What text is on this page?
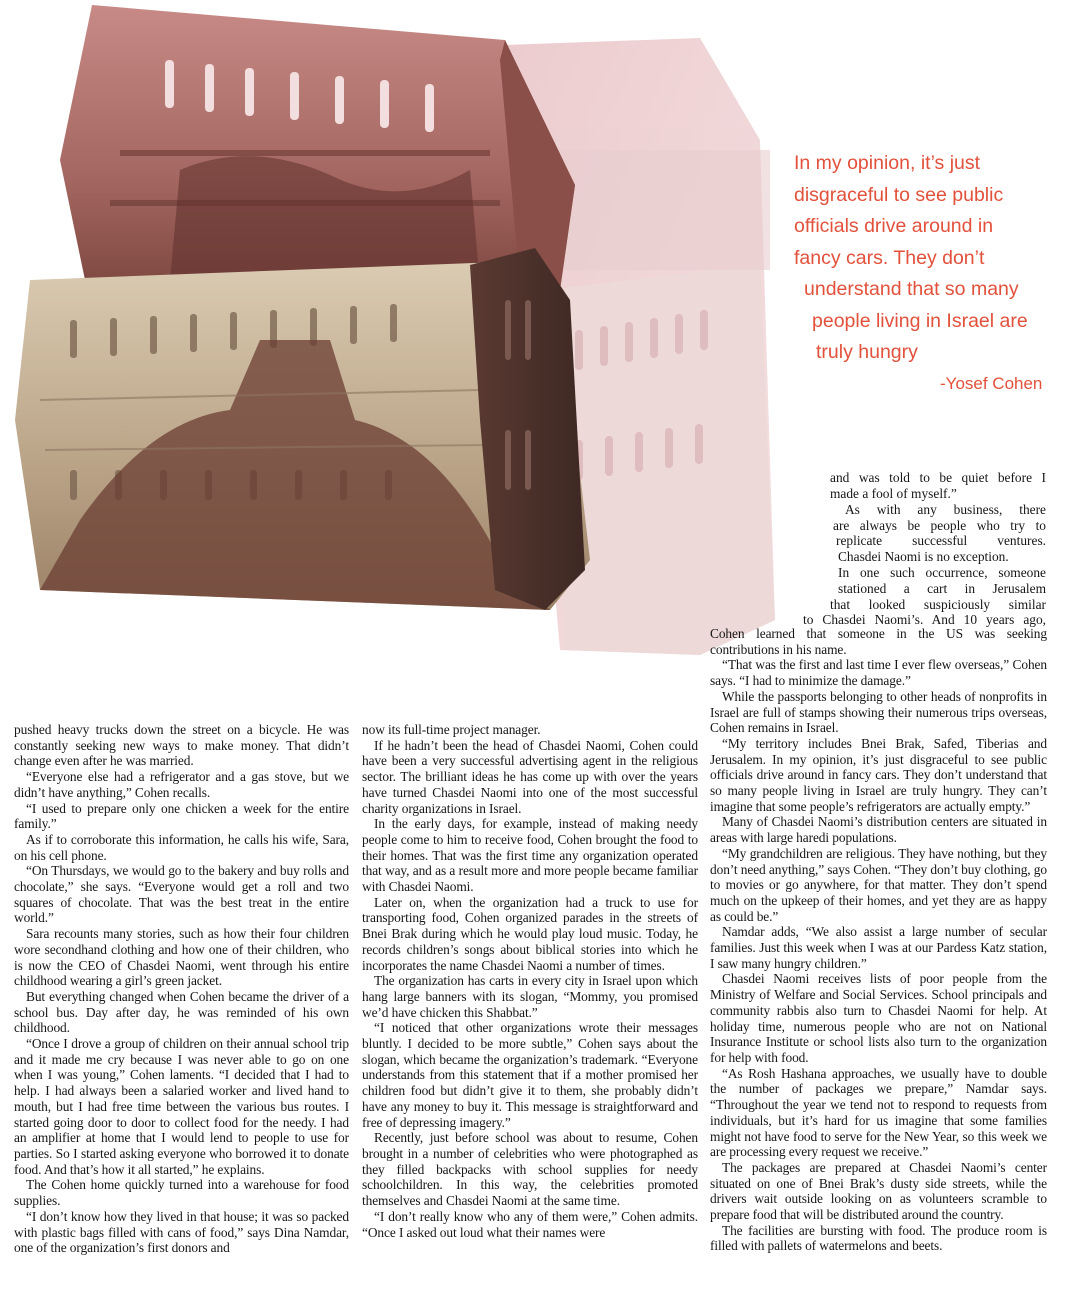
In my opinion, it’s just
disgraceful to see public
officials drive around in
fancy cars. They don’t
understand that so many
people living in Israel are
truly hungry
-Yosef Cohen
and was told to be quiet before I
made a fool of myself.”
As with any business, there
are always be people who try to
replicate successful ventures.
Chasdei Naomi is no exception.
In one such occurrence, someone
stationed a cart in Jerusalem
that looked suspiciously similar
to Chasdei Naomi’s. And 10 years ago,

pushed heavy trucks down the street on a bicycle. He was constantly seeking new ways to make money. That didn’t change even after he was married.

“Everyone else had a refrigerator and a gas stove, but we didn’t have anything,” Cohen recalls.

“I used to prepare only one chicken a week for the entire family.”

As if to corroborate this information, he calls his wife, Sara, on his cell phone.

“On Thursdays, we would go to the bakery and buy rolls and chocolate,” she says. “Everyone would get a roll and two squares of chocolate. That was the best treat in the entire world.”

Sara recounts many stories, such as how their four children wore secondhand clothing and how one of their children, who is now the CEO of Chasdei Naomi, went through his entire childhood wearing a girl’s green jacket.

But everything changed when Cohen became the driver of a school bus. Day after day, he was reminded of his own childhood.

“Once I drove a group of children on their annual school trip and it made me cry because I was never able to go on one when I was young,” Cohen laments. “I decided that I had to help. I had always been a salaried worker and lived hand to mouth, but I had free time between the various bus routes. I started going door to door to collect food for the needy. I had an amplifier at home that I would lend to people to use for parties. So I started asking everyone who borrowed it to donate food. And that’s how it all started,” he explains.

The Cohen home quickly turned into a warehouse for food supplies.

“I don’t know how they lived in that house; it was so packed with plastic bags filled with cans of food,” says Dina Namdar, one of the organization’s first donors and

now its full-time project manager.

If he hadn’t been the head of Chasdei Naomi, Cohen could have been a very successful advertising agent in the religious sector. The brilliant ideas he has come up with over the years have turned Chasdei Naomi into one of the most successful charity organizations in Israel.

In the early days, for example, instead of making needy people come to him to receive food, Cohen brought the food to their homes. That was the first time any organization operated that way, and as a result more and more people became familiar with Chasdei Naomi.

Later on, when the organization had a truck to use for transporting food, Cohen organized parades in the streets of Bnei Brak during which he would play loud music. Today, he records children’s songs about biblical stories into which he incorporates the name Chasdei Naomi a number of times.

The organization has carts in every city in Israel upon which hang large banners with its slogan, “Mommy, you promised we’d have chicken this Shabbat.”

“I noticed that other organizations wrote their messages bluntly. I decided to be more subtle,” Cohen says about the slogan, which became the organization’s trademark. “Everyone understands from this statement that if a mother promised her children food but didn’t give it to them, she probably didn’t have any money to buy it. This message is straightforward and free of depressing imagery.”

Recently, just before school was about to resume, Cohen brought in a number of celebrities who were photographed as they filled backpacks with school supplies for needy schoolchildren. In this way, the celebrities promoted themselves and Chasdei Naomi at the same time.

“I don’t really know who any of them were,” Cohen admits. “Once I asked out loud what their names were

Cohen learned that someone in the US was seeking contributions in his name.

“That was the first and last time I ever flew overseas,” Cohen says. “I had to minimize the damage.”

While the passports belonging to other heads of nonprofits in Israel are full of stamps showing their numerous trips overseas, Cohen remains in Israel.

“My territory includes Bnei Brak, Safed, Tiberias and Jerusalem. In my opinion, it’s just disgraceful to see public officials drive around in fancy cars. They don’t understand that so many people living in Israel are truly hungry. They can’t imagine that some people’s refrigerators are actually empty.”

Many of Chasdei Naomi’s distribution centers are situated in areas with large haredi populations.

“My grandchildren are religious. They have nothing, but they don’t need anything,” says Cohen. “They don’t buy clothing, go to movies or go anywhere, for that matter. They don’t spend much on the upkeep of their homes, and yet they are as happy as could be.”

Namdar adds, “We also assist a large number of secular families. Just this week when I was at our Pardess Katz station, I saw many hungry children.”

Chasdei Naomi receives lists of poor people from the Ministry of Welfare and Social Services. School principals and community rabbis also turn to Chasdei Naomi for help. At holiday time, numerous people who are not on National Insurance Institute or school lists also turn to the organization for help with food.

“As Rosh Hashana approaches, we usually have to double the number of packages we prepare,” Namdar says. “Throughout the year we tend not to respond to requests from individuals, but it’s hard for us imagine that some families might not have food to serve for the New Year, so this week we are processing every request we receive.”

The packages are prepared at Chasdei Naomi’s center situated on one of Bnei Brak’s dusty side streets, while the drivers wait outside looking on as volunteers scramble to prepare food that will be distributed around the country.

The facilities are bursting with food. The produce room is filled with pallets of watermelons and beets.
